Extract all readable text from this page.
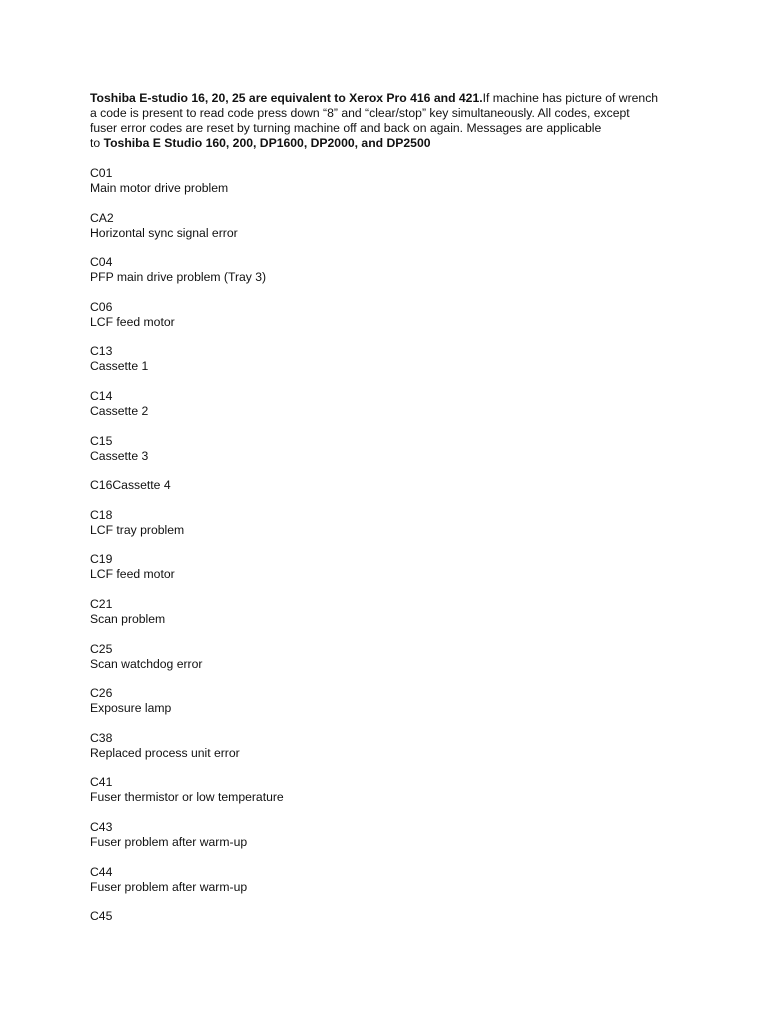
Toshiba E-studio 16, 20, 25 are equivalent to Xerox Pro 416 and 421.If machine has picture of wrench
a code is present to read code press down “8” and “clear/stop” key simultaneously. All codes, except
fuser error codes are reset by turning machine off and back on again. Messages are applicable
to Toshiba E Studio 160, 200, DP1600, DP2000, and DP2500

C01
Main motor drive problem
CA2
Horizontal sync signal error
C04
PFP main drive problem (Tray 3)
C06
LCF feed motor
C13
Cassette 1
C14
Cassette 2
C15
Cassette 3
C16Cassette 4
C18
LCF tray problem
C19
LCF feed motor
C21
Scan problem
C25
Scan watchdog error
C26
Exposure lamp
C38
Replaced process unit error
C41
Fuser thermistor or low temperature
C43
Fuser problem after warm-up
C44
Fuser problem after warm-up
C45
